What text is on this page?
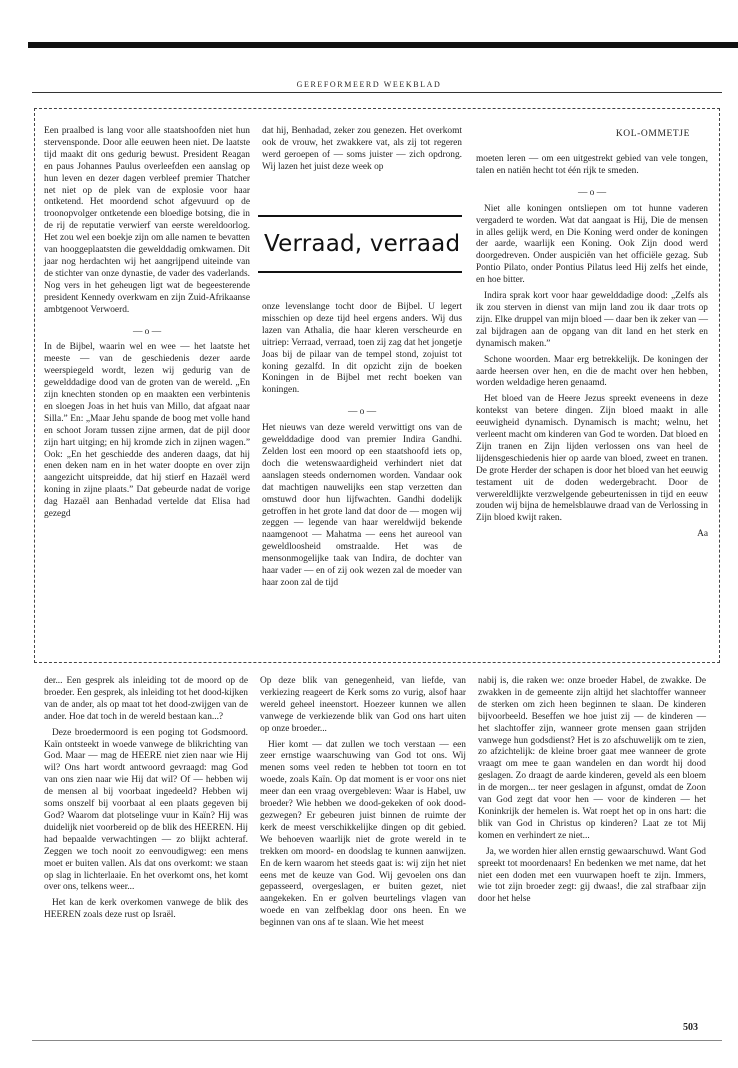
GEREFORMEERD WEEKBLAD
KOL-OMMETJE

Een praalbed is lang voor alle staatshoofden niet hun stervensponde. Door alle eeuwen heen niet. De laatste tijd maakt dit ons gedurig bewust. President Reagan en paus Johannes Paulus overleefden een aanslag op hun leven en dezer dagen verbleef premier Thatcher net niet op de plek van de explosie voor haar ontketend. Het moordend schot afgevuurd op de troonopvolger ontketende een bloedige botsing, die in de rij de reputatie verwierf van eerste wereldoorlog. Het zou wel een boekje zijn om alle namen te bevatten van hooggeplaatsten die gewelddadig omkwamen. Dit jaar nog herdachten wij het aangrijpend uiteinde van de stichter van onze dynastie, de vader des vaderlands. Nog vers in het geheugen ligt wat de begeesterende president Kennedy overkwam en zijn Zuid-Afrikaanse ambtgenoot Verwoerd.

— o —

In de Bijbel, waarin wel en wee — het laatste het meeste — van de geschiedenis dezer aarde weerspiegeld wordt, lezen wij gedurig van de gewelddadige dood van de groten van de wereld. „En zijn knechten stonden op en maakten een verbintenis en sloegen Joas in het huis van Millo, dat afgaat naar Silla.” En: „Maar Jehu spande de boog met volle hand en schoot Joram tussen zijne armen, dat de pijl door zijn hart uitging; en hij kromde zich in zijnen wagen.” Ook: „En het geschiedde des anderen daags, dat hij enen deken nam en in het water doopte en over zijn aangezicht uitspreidde, dat hij stierf en Hazaël werd koning in zijne plaats.” Dat gebeurde nadat de vorige dag Hazaël aan Benhadad vertelde dat Elisa had gezegd

dat hij, Benhadad, zeker zou genezen. Het overkomt ook de vrouw, het zwakkere vat, als zij tot regeren werd geroepen of — soms juister — zich opdrong. Wij lazen het juist deze week op

Verraad, verraad

onze levenslange tocht door de Bijbel. U legert misschien op deze tijd heel ergens anders. Wij dus lazen van Athalia, die haar kleren verscheurde en uitriep: Verraad, verraad, toen zij zag dat het jongetje Joas bij de pilaar van de tempel stond, zojuist tot koning gezalfd. In dit opzicht zijn de boeken Koningen in de Bijbel met recht boeken van koningen.

— o —

Het nieuws van deze wereld verwittigt ons van de gewelddadige dood van premier Indira Gandhi. Zelden lost een moord op een staatshoofd iets op, doch die wetenswaardigheid verhindert niet dat aanslagen steeds ondernomen worden. Vandaar ook dat machtigen nauwelijks een stap verzetten dan omstuwd door hun lijfwachten. Gandhi dodelijk getroffen in het grote land dat door de — mogen wij zeggen — legende van haar wereldwijd bekende naamgenoot — Mahatma — eens het aureool van geweldloosheid omstraalde. Het was de mensonmogelijke taak van Indira, de dochter van haar vader — en of zij ook wezen zal de moeder van haar zoon zal de tijd

moeten leren — om een uitgestrekt gebied van vele tongen, talen en natiën hecht tot één rijk te smeden.

— o —

Niet alle koningen ontsliepen om tot hunne vaderen vergaderd te worden. Wat dat aangaat is Hij, Die de mensen in alles gelijk werd, en Die Koning werd onder de koningen der aarde, waarlijk een Koning. Ook Zijn dood werd doorgedreven. Onder auspiciën van het officiële gezag. Sub Pontio Pilato, onder Pontius Pilatus leed Hij zelfs het einde, en hoe bitter.

Indira sprak kort voor haar gewelddadige dood: „Zelfs als ik zou sterven in dienst van mijn land zou ik daar trots op zijn. Elke druppel van mijn bloed — daar ben ik zeker van — zal bijdragen aan de opgang van dit land en het sterk en dynamisch maken.”

Schone woorden. Maar erg betrekkelijk. De koningen der aarde heersen over hen, en die de macht over hen hebben, worden weldadige heren genaamd.

Het bloed van de Heere Jezus spreekt eveneens in deze kontekst van betere dingen. Zijn bloed maakt in alle eeuwigheid dynamisch. Dynamisch is macht; welnu, het verleent macht om kinderen van God te worden. Dat bloed en Zijn tranen en Zijn lijden verlossen ons van heel de lijdensgeschiedenis hier op aarde van bloed, zweet en tranen. De grote Herder der schapen is door het bloed van het eeuwig testament uit de doden wedergebracht. Door de verwereldlijkte verzwelgende gebeurtenissen in tijd en eeuw zouden wij bijna de hemelsblauwe draad van de Verlossing in Zijn bloed kwijt raken.

Aa

der... Een gesprek als inleiding tot de moord op de broeder. Een gesprek, als inleiding tot het dood-kijken van de ander, als op maat tot het dood-zwijgen van de ander. Hoe dat toch in de wereld bestaan kan...?

Deze broedermoord is een poging tot Godsmoord. Kaïn ontsteekt in woede vanwege de blikrichting van God. Maar — mag de HEERE niet zien naar wie Hij wil? Ons hart wordt antwoord gevraagd: mag God van ons zien naar wie Hij dat wil? Of — hebben wij de mensen al bij voorbaat ingedeeld? Hebben wij soms onszelf bij voorbaat al een plaats gegeven bij God? Waarom dat plotselinge vuur in Kaïn? Hij was duidelijk niet voorbereid op de blik des HEEREN. Hij had bepaalde verwachtingen — zo blijkt achteraf. Zeggen we toch nooit zo eenvoudigweg: een mens moet er buiten vallen. Als dat ons overkomt: we staan op slag in lichterlaaie. En het overkomt ons, het komt over ons, telkens weer...

Het kan de kerk overkomen vanwege de blik des HEEREN zoals deze rust op Israël.

Op deze blik van genegenheid, van liefde, van verkiezing reageert de Kerk soms zo vurig, alsof haar wereld geheel ineenstort. Hoezeer kunnen we allen vanwege de verkiezende blik van God ons hart uiten op onze broeder...

Hier komt — dat zullen we toch verstaan — een zeer ernstige waarschuwing van God tot ons. Wij menen soms veel reden te hebben tot toorn en tot woede, zoals Kaïn. Op dat moment is er voor ons niet meer dan een vraag overgebleven: Waar is Habel, uw broeder? Wie hebben we dood-gekeken of ook dood-gezwegen? Er gebeuren juist binnen de ruimte der kerk de meest verschikkelijke dingen op dit gebied. We behoeven waarlijk niet de grote wereld in te trekken om moord- en doodslag te kunnen aanwijzen. En de kern waarom het steeds gaat is: wij zijn het niet eens met de keuze van God. Wij gevoelen ons dan gepasseerd, overgeslagen, er buiten gezet, niet aangekeken. En er golven beurtelings vlagen van woede en van zelfbeklag door ons heen. En we beginnen van ons af te slaan. Wie het meest

nabij is, die raken we: onze broeder Habel, de zwakke. De zwakken in de gemeente zijn altijd het slachtoffer wanneer de sterken om zich heen beginnen te slaan. De kinderen bijvoorbeeld. Beseffen we hoe juist zij — de kinderen — het slachtoffer zijn, wanneer grote mensen gaan strijden vanwege hun godsdienst? Het is zo afschuwelijk om te zien, zo afzichtelijk: de kleine broer gaat mee wanneer de grote vraagt om mee te gaan wandelen en dan wordt hij dood geslagen. Zo draagt de aarde kinderen, geveld als een bloem in de morgen... ter neer geslagen in afgunst, omdat de Zoon van God zegt dat voor hen — voor de kinderen — het Koninkrijk der hemelen is. Wat roept het op in ons hart: die blik van God in Christus op kinderen? Laat ze tot Mij komen en verhindert ze niet...

Ja, we worden hier allen ernstig gewaarschuwd. Want God spreekt tot moordenaars! En bedenken we met name, dat het niet een doden met een vuurwapen hoeft te zijn. Immers, wie tot zijn broeder zegt: gij dwaas!, die zal strafbaar zijn door het helse

503
